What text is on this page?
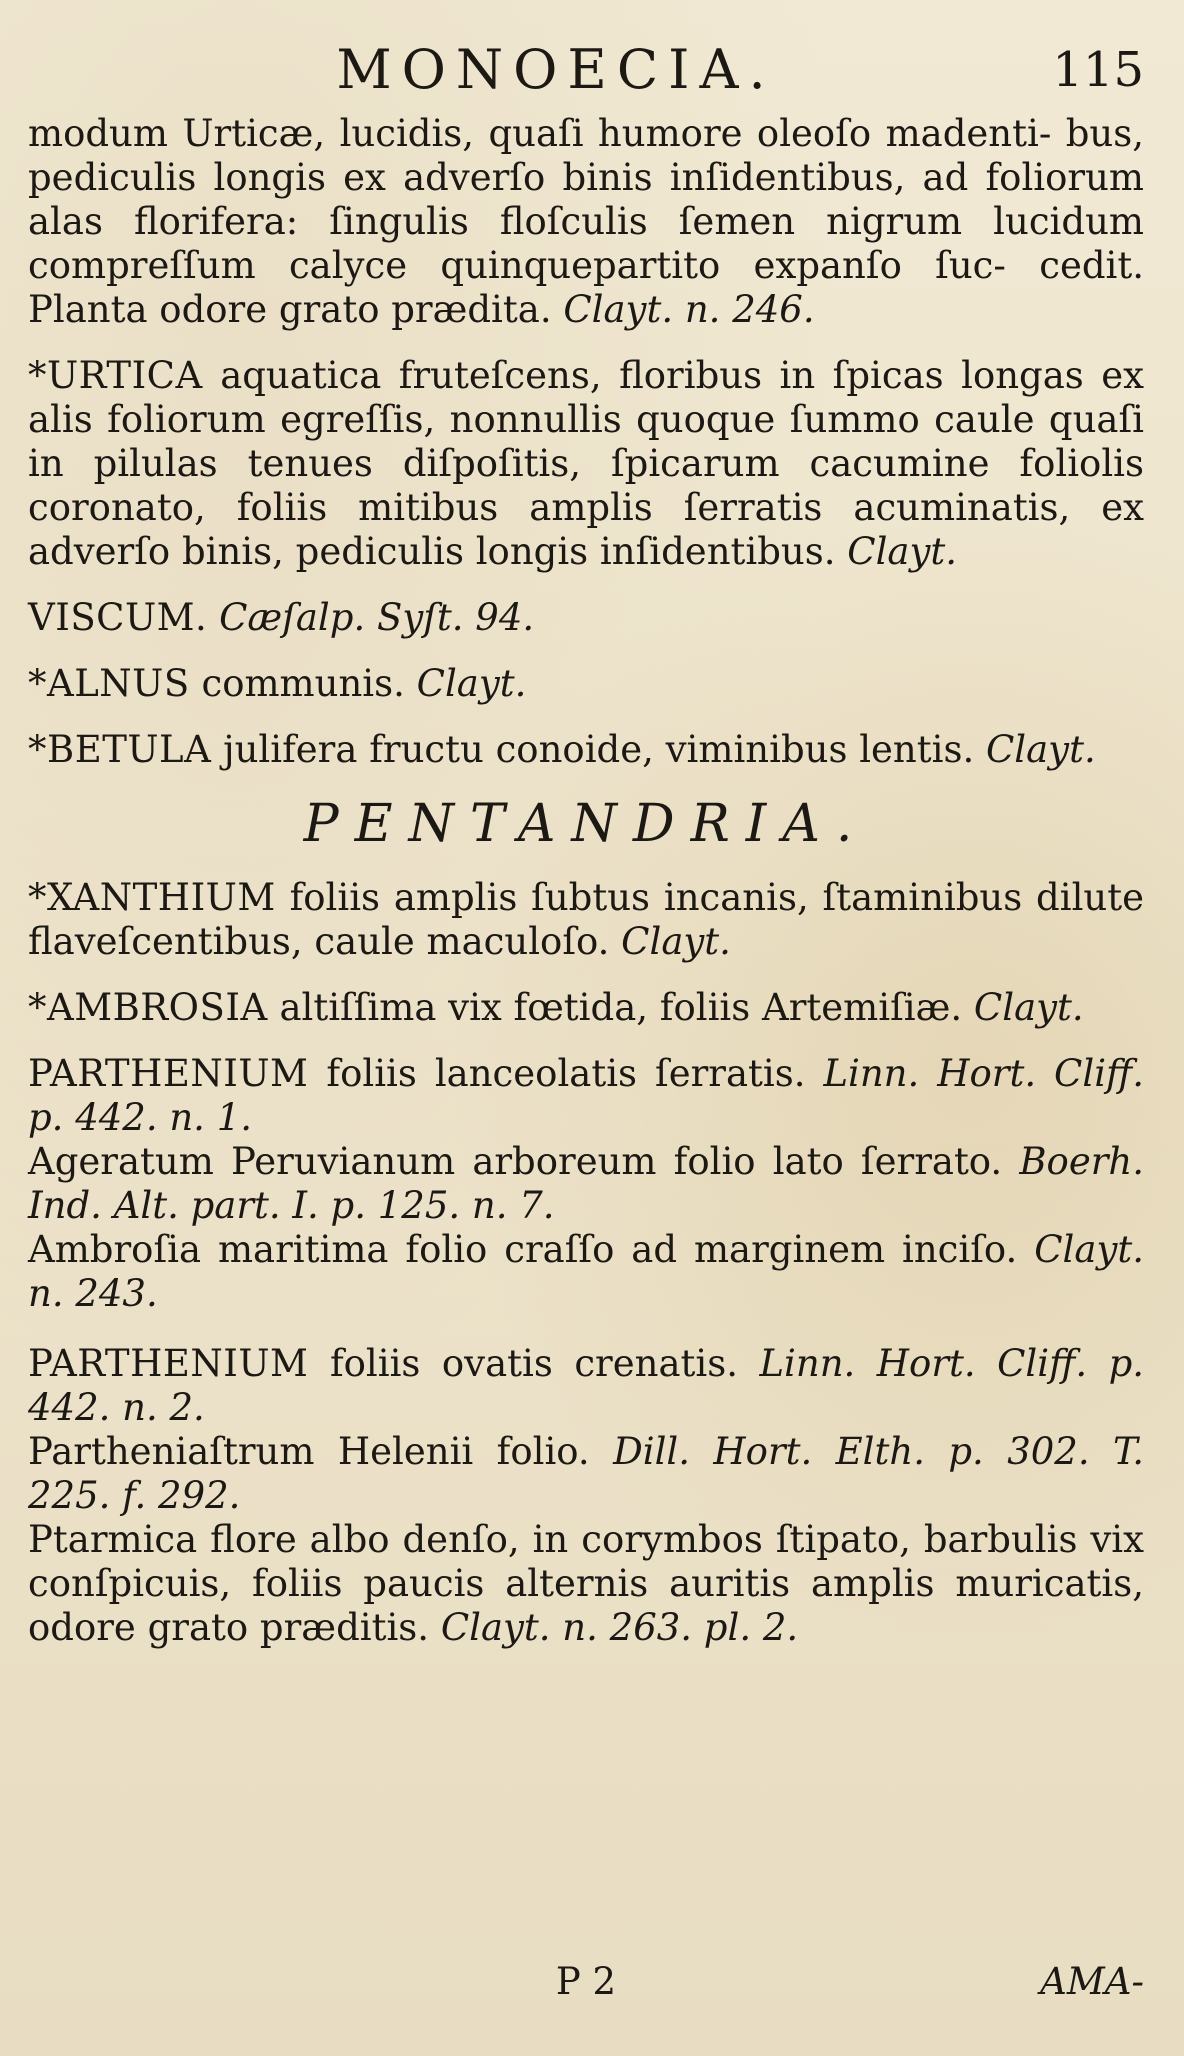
MONOECIA.	115

modum Urticæ, lucidis, quaſi humore oleoſo madenti- bus, pediculis longis ex adverſo binis inſidentibus, ad foliorum alas florifera: ſingulis floſculis ſemen nigrum lucidum compreſſum calyce quinquepartito expanſo ſuc- cedit. Planta odore grato prædita. Clayt. n. 246.

*URTICA aquatica fruteſcens, floribus in ſpicas longas ex alis foliorum egreſſis, nonnullis quoque ſummo caule quaſi in pilulas tenues diſpoſitis, ſpicarum cacumine foliolis coronato, foliis mitibus amplis ſerratis acuminatis, ex adverſo binis, pediculis longis inſidentibus. Clayt.

VISCUM. Cæſalp. Syſt. 94.

*ALNUS communis. Clayt.

*BETULA julifera fructu conoide, viminibus lentis. Clayt.

PENTANDRIA.

*XANTHIUM foliis amplis ſubtus incanis, ſtaminibus dilute flaveſcentibus, caule maculoſo. Clayt.

*AMBROSIA altiſſima vix fœtida, foliis Artemiſiæ. Clayt.

PARTHENIUM foliis lanceolatis ſerratis. Linn. Hort. Cliff. p. 442. n. 1.

Ageratum Peruvianum arboreum folio lato ſerrato. Boerh. Ind. Alt. part. I. p. 125. n. 7.

Ambroſia maritima folio craſſo ad marginem inciſo. Clayt. n. 243.

PARTHENIUM foliis ovatis crenatis. Linn. Hort. Cliff. p. 442. n. 2.

Partheniaſtrum Helenii folio. Dill. Hort. Elth. p. 302. T. 225. f. 292.

Ptarmica flore albo denſo, in corymbos ſtipato, barbulis vix conſpicuis, foliis paucis alternis auritis amplis muricatis, odore grato præditis. Clayt. n. 263. pl. 2.

P 2	AMA-
